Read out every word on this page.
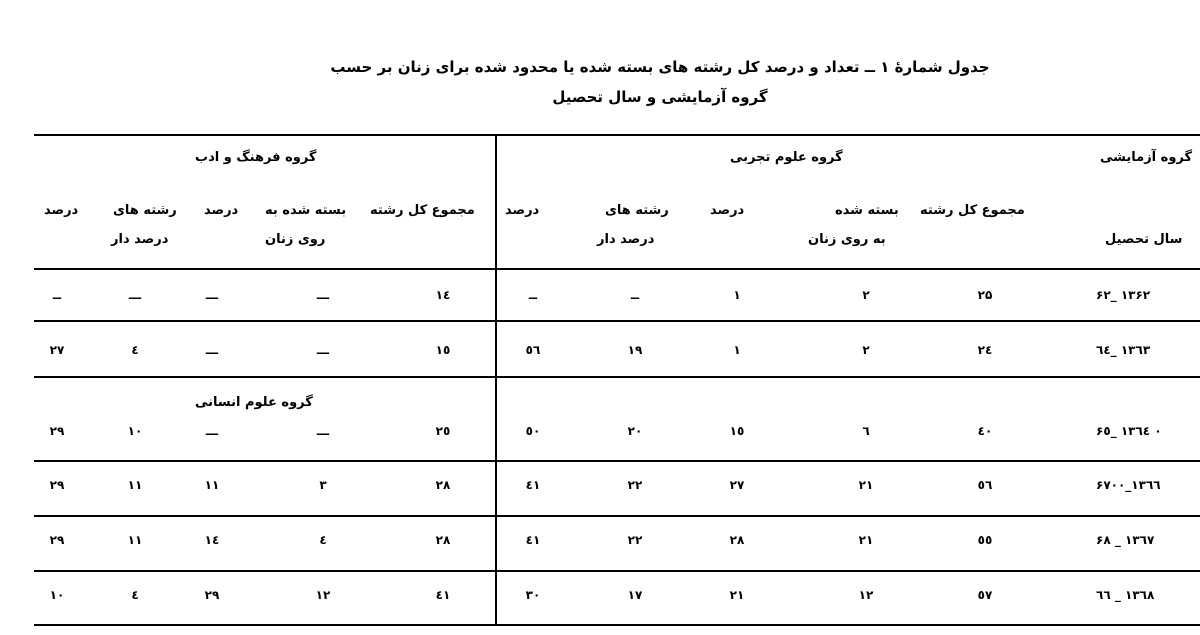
جدول شمارهٔ ۱ ــ تعداد و درصد کل رشته های بسته شده یا محدود شده برای زنان بر حسب
گروه آزمایشی و سال تحصیل
گروه فرهنگ و ادب	گروه علوم تجربی	گروه آزمایشی
سال تحصیل
مجموع کل رشته
بسته شده
به روی زنان
درصد
رشته های
درصد دار
درصد
مجموع کل رشته
بسته شده به
روی زنان
درصد
رشته های
درصد دار
درصد
گروه علوم انسانی
۶۲_ ۱۳۶۲
۲۵
۲
۱
ــ
ــ
۱٤
ـــ
ـــ
ـــ
ــ
٦٤_ ۱۳٦۳
٢٤
۲
۱
۱۹
٥٦
۱٥
ـــ
ـــ
٤
۲۷
۶٥_ ۱۳٦٤ ۰
٤۰
٦
۱٥
۲۰
٥۰
۲٥
ـــ
ـــ
۱۰
۲۹
۶۷۰۰_۱۳٦٦
٥٦
۲۱
۲۷
۲۲
٤۱
۲۸
۳
۱۱
۱۱
۲۹
۶۸ _ ۱۳٦۷
٥٥
۲۱
۲۸
۲۲
٤۱
۲۸
٤
۱٤
۱۱
۲۹
٦٦ _ ۱۳٦۸
٥۷
۱۲
۲۱
۱۷
۳۰
٤۱
۱۲
۲۹
٤
۱۰
